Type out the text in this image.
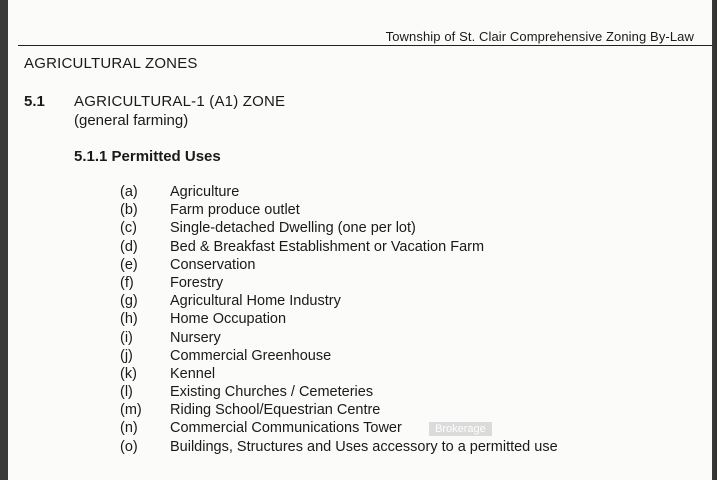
Township of St. Clair Comprehensive Zoning By-Law
AGRICULTURAL ZONES
5.1 AGRICULTURAL-1 (A1) ZONE
(general farming)
5.1.1 Permitted Uses
(a) Agriculture
(b) Farm produce outlet
(c) Single-detached Dwelling (one per lot)
(d) Bed & Breakfast Establishment or Vacation Farm
(e) Conservation
(f)	Forestry
(g) Agricultural Home Industry
(h) Home Occupation
(i)	Nursery
(j)	Commercial Greenhouse
(k) Kennel
(l)	Existing Churches / Cemeteries
(m) Riding School/Equestrian Centre
(n) Commercial Communications Tower
(o) Buildings, Structures and Uses accessory to a permitted use
Brokerage
